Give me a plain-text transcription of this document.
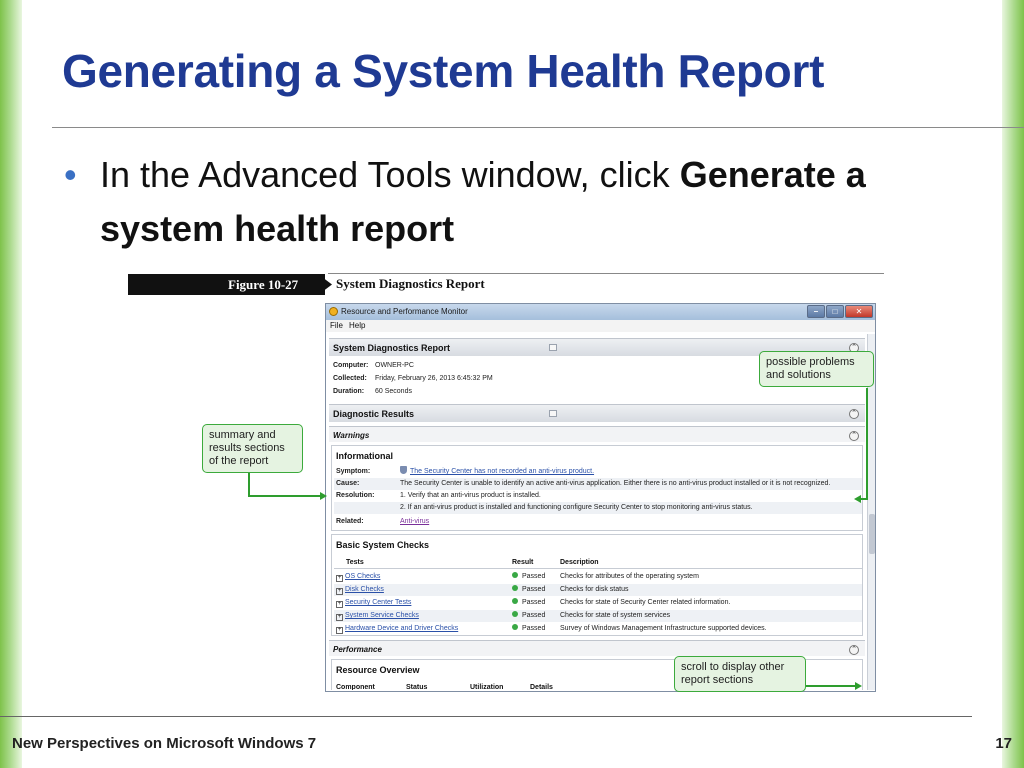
Generating a System Health Report
• In the Advanced Tools window, click Generate a system health report
Figure 10-27	System Diagnostics Report
Resource and Performance Monitor	–	□	✕
File Help
System Diagnostics Report	⌃
Computer: OWNER-PC
Collected: Friday, February 26, 2013 6:45:32 PM
Duration: 60 Seconds
Diagnostic Results	⌃
Warnings	⌃
Informational
Symptom:	The Security Center has not recorded an anti-virus product.
Cause:	The Security Center is unable to identify an active anti-virus application. Either there is no anti-virus product installed or it is not recognized.
Resolution:	1. Verify that an anti-virus product is installed.
2. If an anti-virus product is installed and functioning configure Security Center to stop monitoring anti-virus status.
Related:	Anti-virus
Basic System Checks
Tests	Result	Description
+ OS Checks	Passed Checks for attributes of the operating system
+ Disk Checks	Passed Checks for disk status
+ Security Center Tests	Passed Checks for state of Security Center related information.
+ System Service Checks	Passed Checks for state of system services
+ Hardware Device and Driver Checks	Passed Survey of Windows Management Infrastructure supported devices.
Performance	⌃
Resource Overview
Component	Status	Utilization	Details
possible problems and solutions
summary and results sections of the report
scroll to display other report sections
New Perspectives on Microsoft Windows 7	17
